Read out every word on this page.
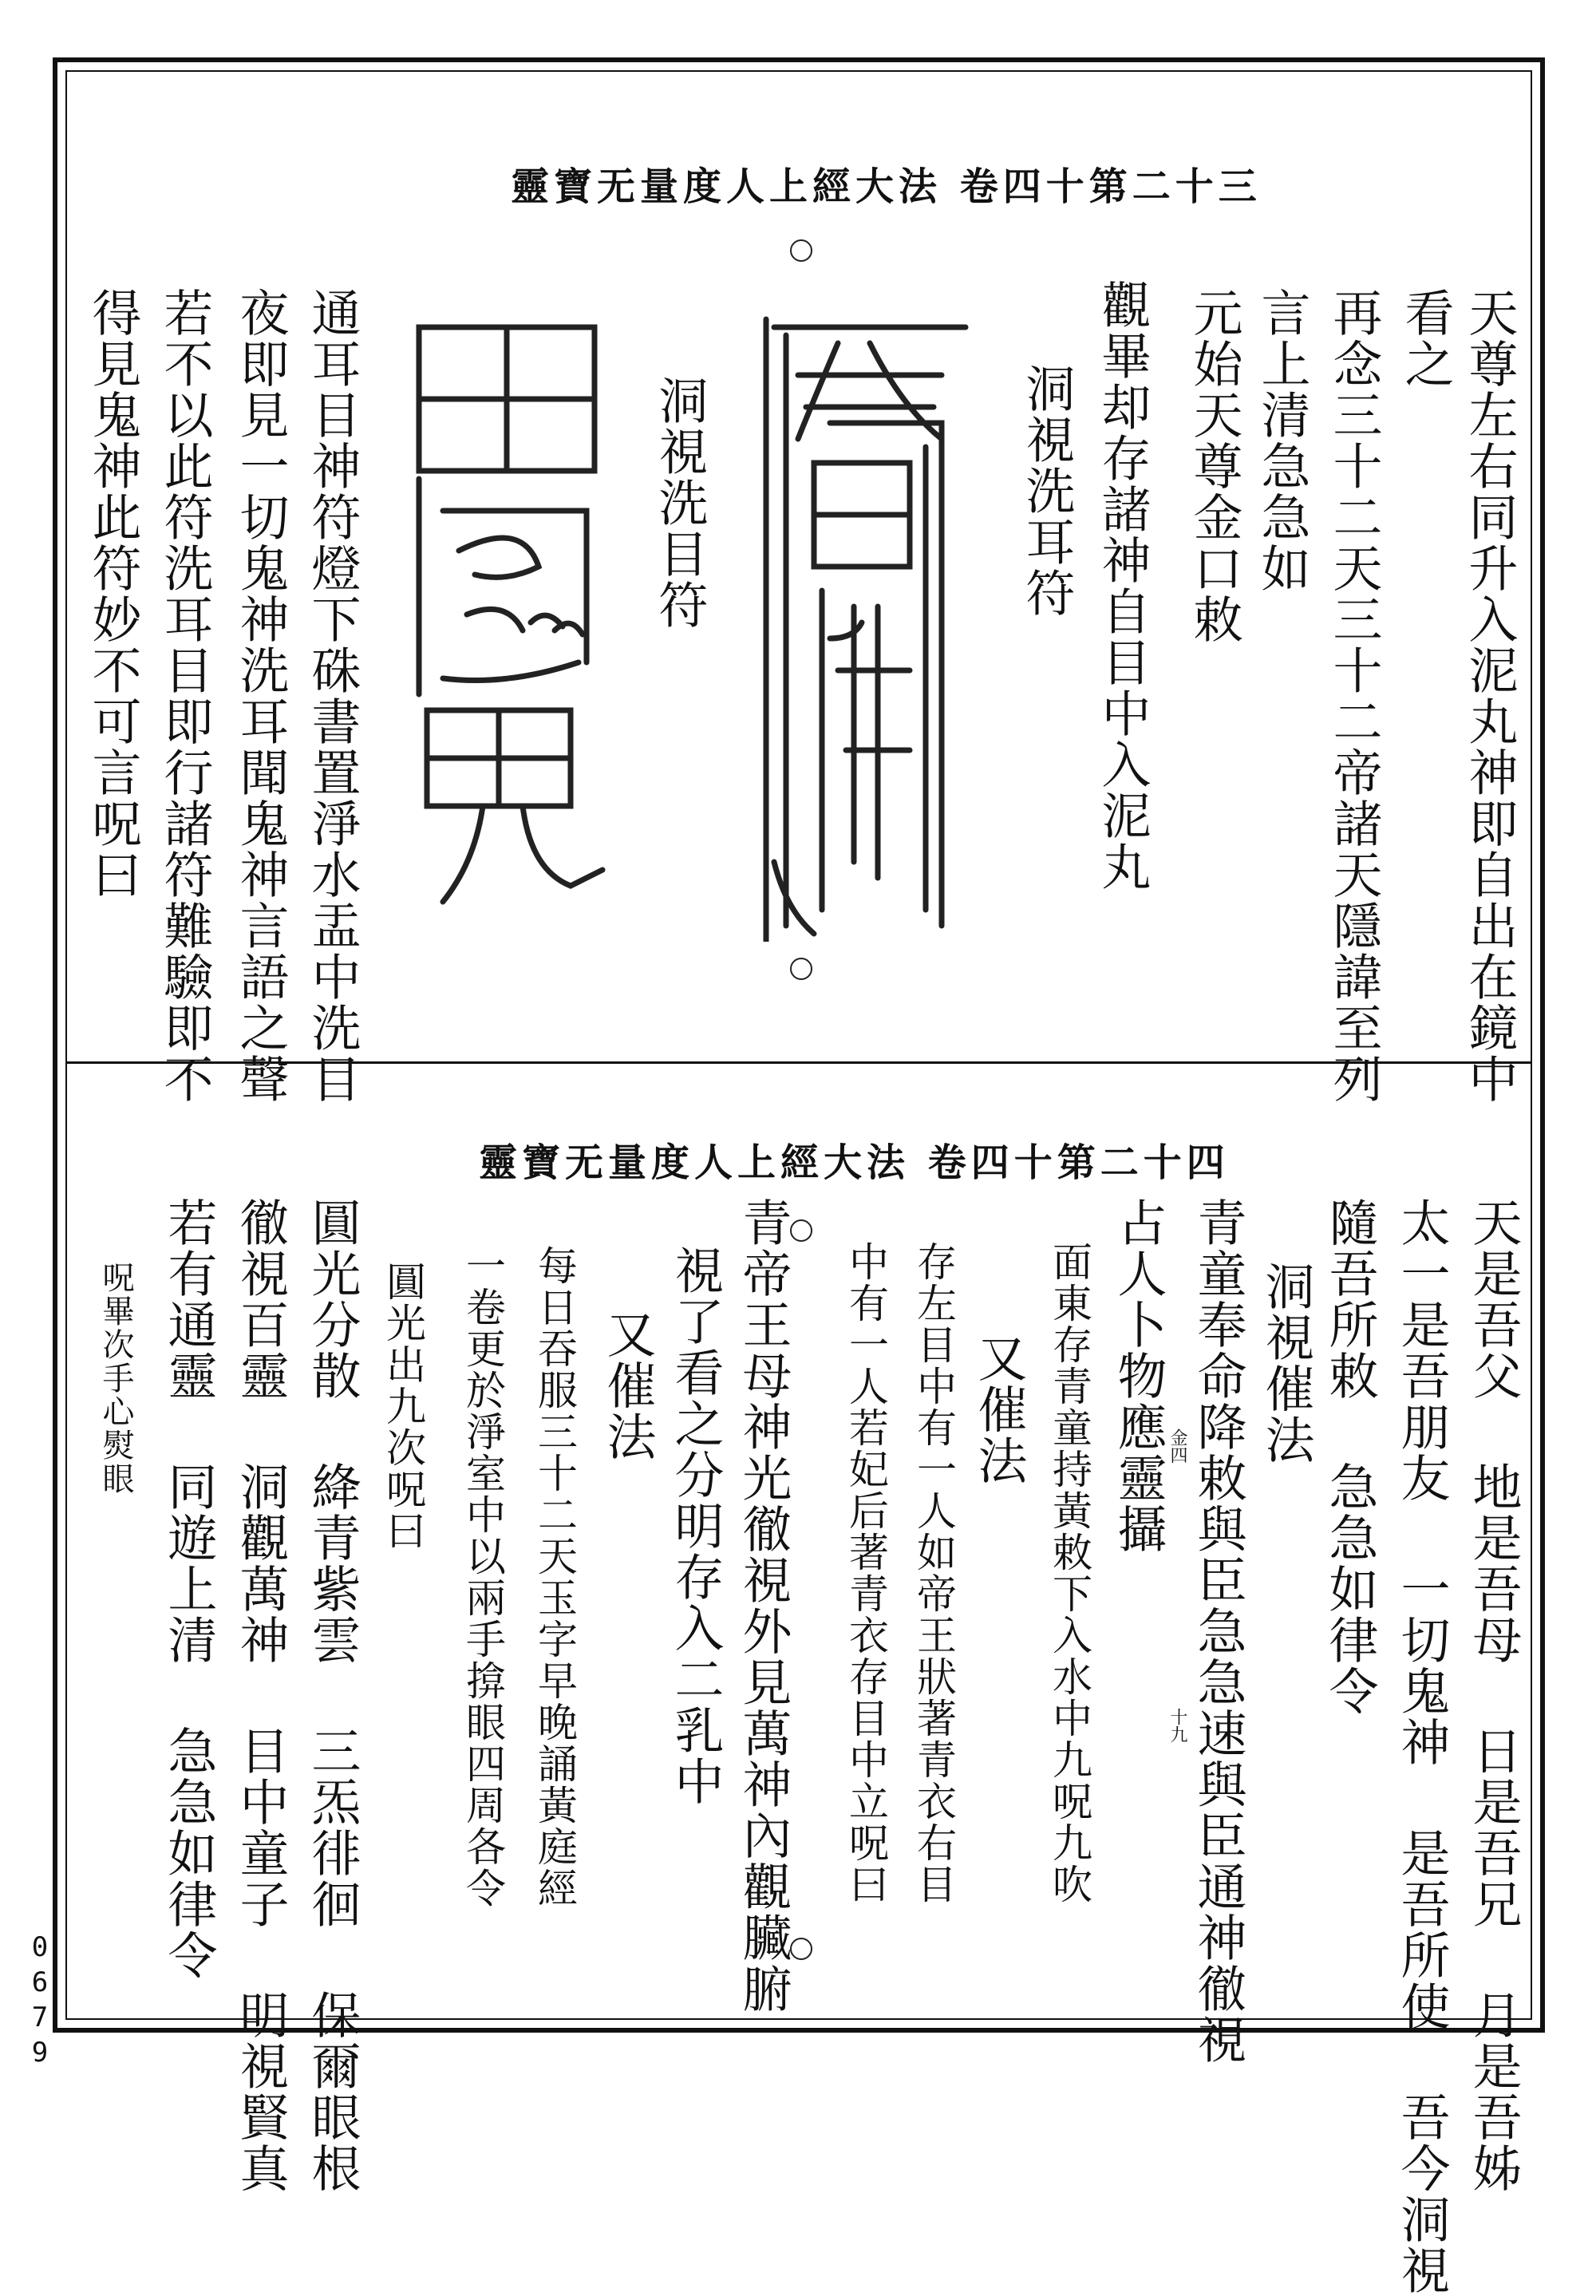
0679
靈寶无量度人上經大法 卷四十第二十三
天尊左右同升入泥丸神即自出在鏡中
看之
再念三十二天三十二帝諸天隱諱至列
言上清急急如
元始天尊金口敕
觀畢却存諸神自目中入泥丸
洞視洗耳符
洞視洗目符
通耳目神符燈下硃書置淨水盂中洗目
夜即見一切鬼神洗耳聞鬼神言語之聲
若不以此符洗耳目即行諸符難驗即不
得見鬼神此符妙不可言呪曰
靈寶无量度人上經大法 卷四十第二十四
天是吾父 地是吾母 日是吾兄 月是吾姊
太一是吾朋友 一切鬼神 是吾所使 吾今洞視
隨吾所敕 急急如律令
洞視催法
青童奉命降敕與臣急急速與臣通神徹視
占人卜物應靈攝
面東存青童持黃敕下入水中九呪九吹
又催法
存左目中有一人如帝王狀著青衣右目
中有一人若妃后著青衣存目中立呪曰
青帝王母神光徹視外見萬神內觀臟腑
視了看之分明存入二乳中
又催法
每日吞服三十二天玉字早晚誦黃庭經
一卷更於淨室中以兩手揜眼四周各令
圓光出九次呪曰
圓光分散 絳青紫雲 三炁徘徊 保爾眼根
徹視百靈 洞觀萬神 目中童子 明視賢真
若有通靈 同遊上清 急急如律令
呪畢次手心熨眼	金四
十九
